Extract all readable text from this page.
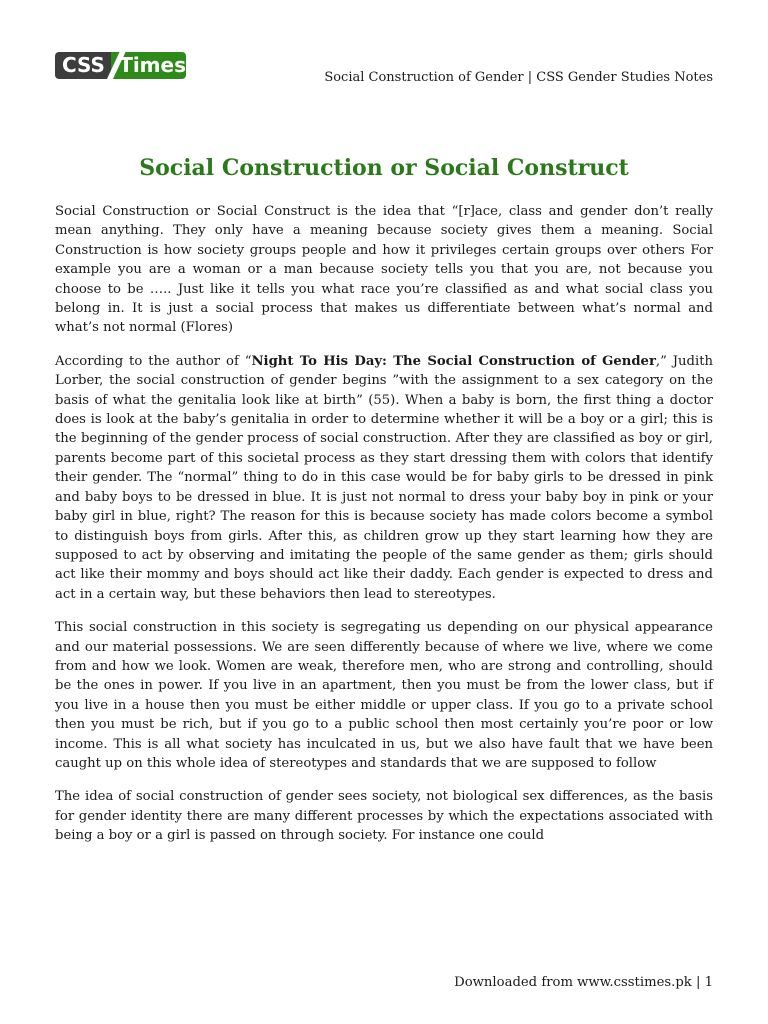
CSS Times
Social Construction of Gender | CSS Gender Studies Notes
Social Construction or Social Construct

Social Construction or Social Construct is the idea that “[r]ace, class and gender don’t really mean anything. They only have a meaning because society gives them a meaning. Social Construction is how society groups people and how it privileges certain groups over others For example you are a woman or a man because society tells you that you are, not because you choose to be ….. Just like it tells you what race you’re classified as and what social class you belong in. It is just a social process that makes us differentiate between what’s normal and what’s not normal (Flores)

According to the author of “Night To His Day: The Social Construction of Gender,” Judith Lorber, the social construction of gender begins ”with the assignment to a sex category on the basis of what the genitalia look like at birth” (55). When a baby is born, the first thing a doctor does is look at the baby’s genitalia in order to determine whether it will be a boy or a girl; this is the beginning of the gender process of social construction. After they are classified as boy or girl, parents become part of this societal process as they start dressing them with colors that identify their gender. The “normal” thing to do in this case would be for baby girls to be dressed in pink and baby boys to be dressed in blue. It is just not normal to dress your baby boy in pink or your baby girl in blue, right? The reason for this is because society has made colors become a symbol to distinguish boys from girls. After this, as children grow up they start learning how they are supposed to act by observing and imitating the people of the same gender as them; girls should act like their mommy and boys should act like their daddy. Each gender is expected to dress and act in a certain way, but these behaviors then lead to stereotypes.

This social construction in this society is segregating us depending on our physical appearance and our material possessions. We are seen differently because of where we live, where we come from and how we look. Women are weak, therefore men, who are strong and controlling, should be the ones in power. If you live in an apartment, then you must be from the lower class, but if you live in a house then you must be either middle or upper class. If you go to a private school then you must be rich, but if you go to a public school then most certainly you’re poor or low income. This is all what society has inculcated in us, but we also have fault that we have been caught up on this whole idea of stereotypes and standards that we are supposed to follow

The idea of social construction of gender sees society, not biological sex differences, as the basis for gender identity there are many different processes by which the expectations associated with being a boy or a girl is passed on through society. For instance one could

Downloaded from www.csstimes.pk | 1
